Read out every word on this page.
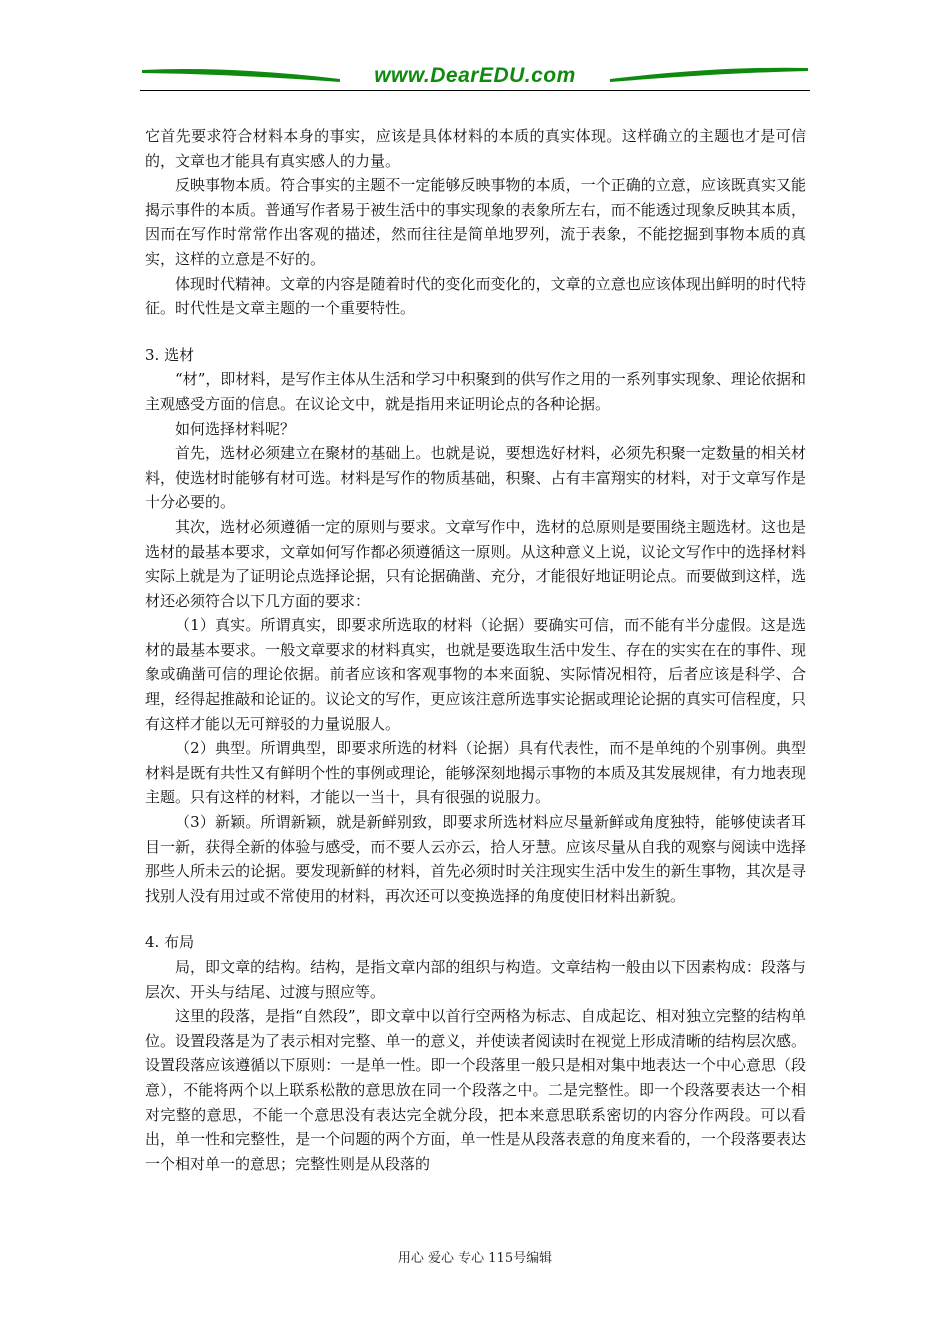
www.DearEDU.com

它首先要求符合材料本身的事实，应该是具体材料的本质的真实体现。这样确立的主题也才是可信的，文章也才能具有真实感人的力量。

反映事物本质。符合事实的主题不一定能够反映事物的本质，一个正确的立意，应该既真实又能揭示事件的本质。普通写作者易于被生活中的事实现象的表象所左右，而不能透过现象反映其本质，因而在写作时常常作出客观的描述，然而往往是简单地罗列，流于表象，不能挖掘到事物本质的真实，这样的立意是不好的。

体现时代精神。文章的内容是随着时代的变化而变化的，文章的立意也应该体现出鲜明的时代特征。时代性是文章主题的一个重要特性。

3. 选材

“材”，即材料，是写作主体从生活和学习中积聚到的供写作之用的一系列事实现象、理论依据和主观感受方面的信息。在议论文中，就是指用来证明论点的各种论据。

如何选择材料呢？

首先，选材必须建立在聚材的基础上。也就是说，要想选好材料，必须先积聚一定数量的相关材料，使选材时能够有材可选。材料是写作的物质基础，积聚、占有丰富翔实的材料，对于文章写作是十分必要的。

其次，选材必须遵循一定的原则与要求。文章写作中，选材的总原则是要围绕主题选材。这也是选材的最基本要求，文章如何写作都必须遵循这一原则。从这种意义上说，议论文写作中的选择材料实际上就是为了证明论点选择论据，只有论据确凿、充分，才能很好地证明论点。而要做到这样，选材还必须符合以下几方面的要求：

（1）真实。所谓真实，即要求所选取的材料（论据）要确实可信，而不能有半分虚假。这是选材的最基本要求。一般文章要求的材料真实，也就是要选取生活中发生、存在的实实在在的事件、现象或确凿可信的理论依据。前者应该和客观事物的本来面貌、实际情况相符，后者应该是科学、合理，经得起推敲和论证的。议论文的写作，更应该注意所选事实论据或理论论据的真实可信程度，只有这样才能以无可辩驳的力量说服人。

（2）典型。所谓典型，即要求所选的材料（论据）具有代表性，而不是单纯的个别事例。典型材料是既有共性又有鲜明个性的事例或理论，能够深刻地揭示事物的本质及其发展规律，有力地表现主题。只有这样的材料，才能以一当十，具有很强的说服力。

（3）新颖。所谓新颖，就是新鲜别致，即要求所选材料应尽量新鲜或角度独特，能够使读者耳目一新，获得全新的体验与感受，而不要人云亦云，拾人牙慧。应该尽量从自我的观察与阅读中选择那些人所未云的论据。要发现新鲜的材料，首先必须时时关注现实生活中发生的新生事物，其次是寻找别人没有用过或不常使用的材料，再次还可以变换选择的角度使旧材料出新貌。

4. 布局

局，即文章的结构。结构，是指文章内部的组织与构造。文章结构一般由以下因素构成：段落与层次、开头与结尾、过渡与照应等。

这里的段落，是指“自然段”，即文章中以首行空两格为标志、自成起讫、相对独立完整的结构单位。设置段落是为了表示相对完整、单一的意义，并使读者阅读时在视觉上形成清晰的结构层次感。设置段落应该遵循以下原则：一是单一性。即一个段落里一般只是相对集中地表达一个中心意思（段意），不能将两个以上联系松散的意思放在同一个段落之中。二是完整性。即一个段落要表达一个相对完整的意思，不能一个意思没有表达完全就分段，把本来意思联系密切的内容分作两段。可以看出，单一性和完整性，是一个问题的两个方面，单一性是从段落表意的角度来看的，一个段落要表达一个相对单一的意思；完整性则是从段落的

用心 爱心 专心 115号编辑
